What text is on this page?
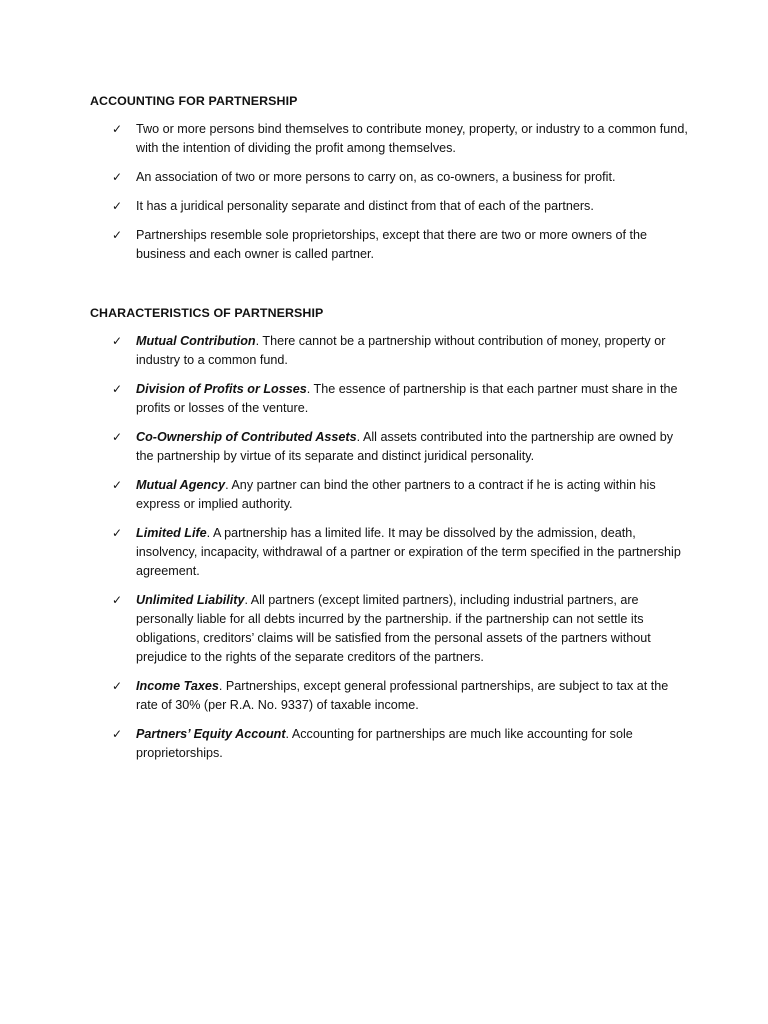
ACCOUNTING FOR PARTNERSHIP
✓ Two or more persons bind themselves to contribute money, property, or industry to a common fund, with the intention of dividing the profit among themselves.
✓ An association of two or more persons to carry on, as co-owners, a business for profit.
✓ It has a juridical personality separate and distinct from that of each of the partners.
✓ Partnerships resemble sole proprietorships, except that there are two or more owners of the business and each owner is called partner.
CHARACTERISTICS OF PARTNERSHIP
✓ Mutual Contribution. There cannot be a partnership without contribution of money, property or industry to a common fund.
✓ Division of Profits or Losses. The essence of partnership is that each partner must share in the profits or losses of the venture.
✓ Co-Ownership of Contributed Assets. All assets contributed into the partnership are owned by the partnership by virtue of its separate and distinct juridical personality.
✓ Mutual Agency. Any partner can bind the other partners to a contract if he is acting within his express or implied authority.
✓ Limited Life. A partnership has a limited life. It may be dissolved by the admission, death, insolvency, incapacity, withdrawal of a partner or expiration of the term specified in the partnership agreement.
✓ Unlimited Liability. All partners (except limited partners), including industrial partners, are personally liable for all debts incurred by the partnership. if the partnership can not settle its obligations, creditors’ claims will be satisfied from the personal assets of the partners without prejudice to the rights of the separate creditors of the partners.
✓ Income Taxes. Partnerships, except general professional partnerships, are subject to tax at the rate of 30% (per R.A. No. 9337) of taxable income.
✓ Partners’ Equity Account. Accounting for partnerships are much like accounting for sole proprietorships.
